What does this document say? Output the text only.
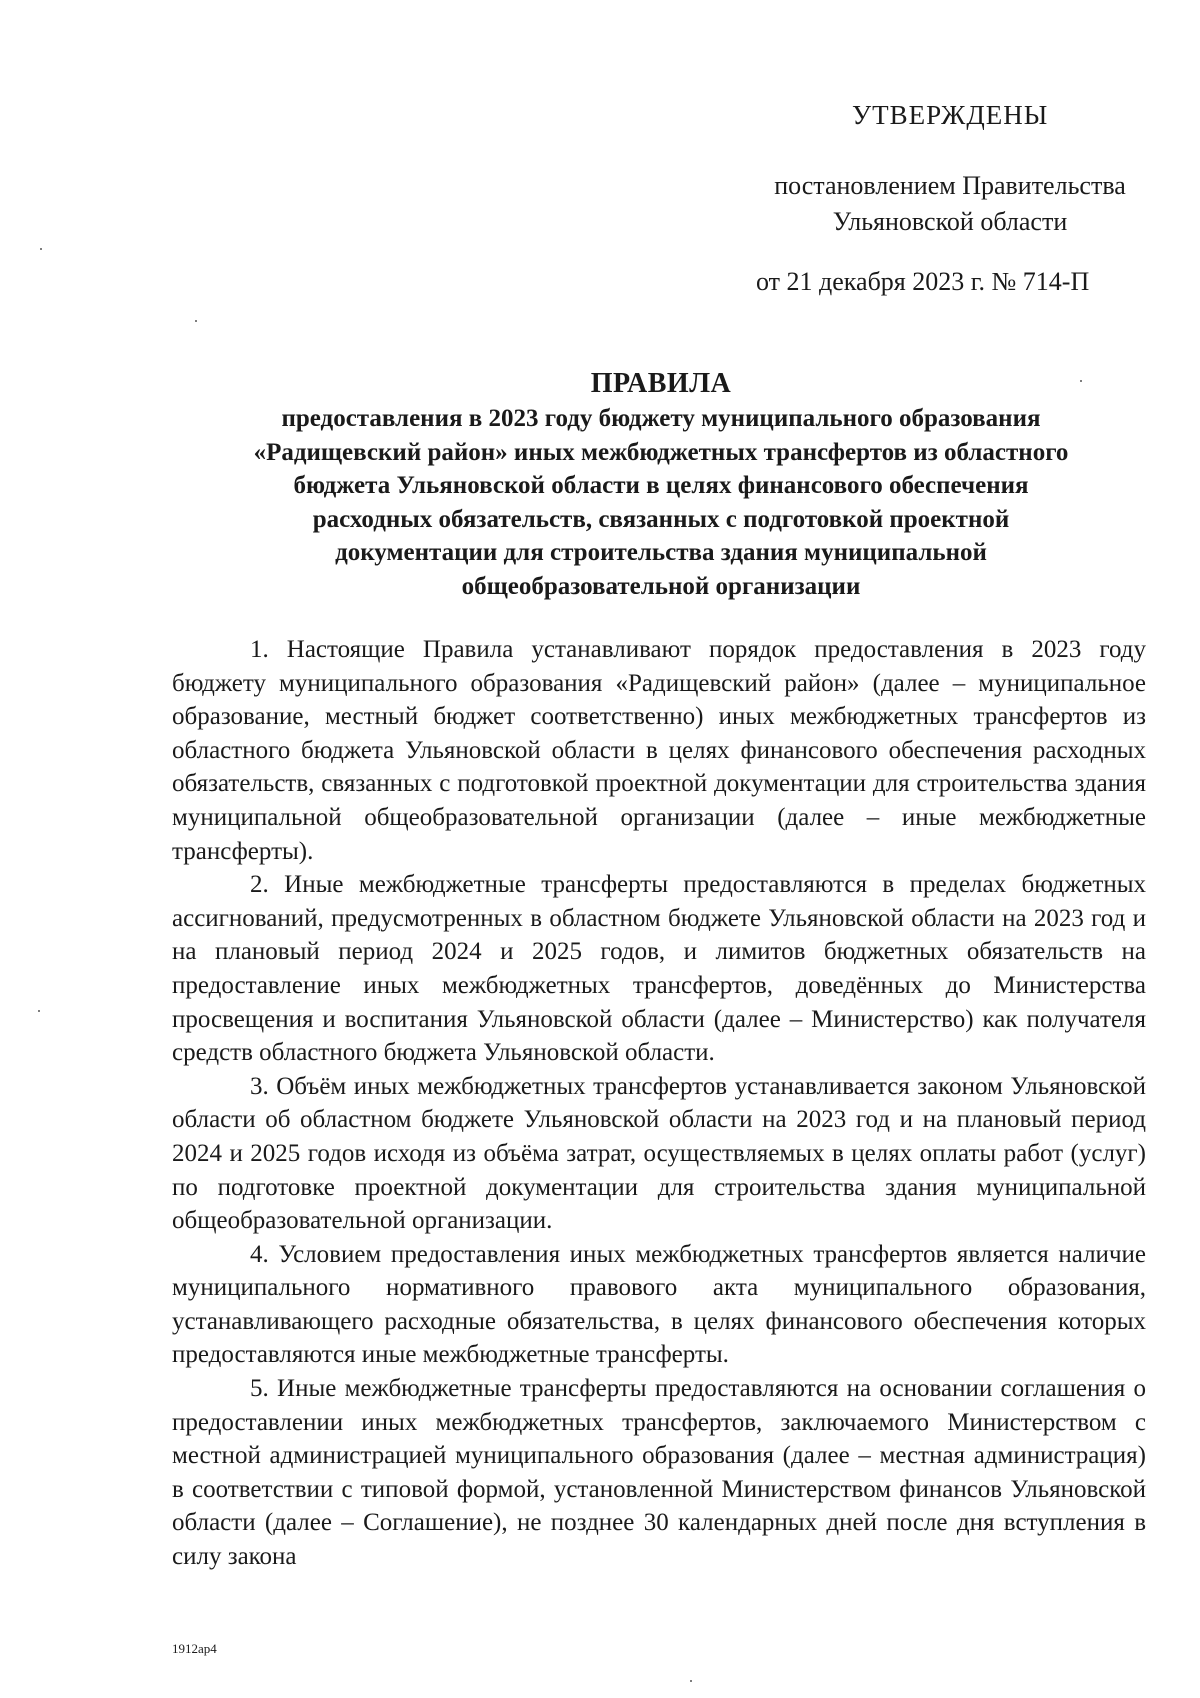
УТВЕРЖДЕНЫ
постановлением Правительства
Ульяновской области
от 21 декабря 2023 г. № 714-П
ПРАВИЛА
предоставления в 2023 году бюджету муниципального образования
«Радищевский район» иных межбюджетных трансфертов из областного
бюджета Ульяновской области в целях финансового обеспечения
расходных обязательств, связанных с подготовкой проектной
документации для строительства здания муниципальной
общеобразовательной организации

1. Настоящие Правила устанавливают порядок предоставления в 2023 году бюджету муниципального образования «Радищевский район» (далее – муниципальное образование, местный бюджет соответственно) иных межбюджетных трансфертов из областного бюджета Ульяновской области в целях финансового обеспечения расходных обязательств, связанных с подготовкой проектной документации для строительства здания муниципальной общеобразовательной организации (далее – иные межбюджетные трансферты).

2. Иные межбюджетные трансферты предоставляются в пределах бюджетных ассигнований, предусмотренных в областном бюджете Ульяновской области на 2023 год и на плановый период 2024 и 2025 годов, и лимитов бюджетных обязательств на предоставление иных межбюджетных трансфертов, доведённых до Министерства просвещения и воспитания Ульяновской области (далее – Министерство) как получателя средств областного бюджета Ульяновской области.

3. Объём иных межбюджетных трансфертов устанавливается законом Ульяновской области об областном бюджете Ульяновской области на 2023 год и на плановый период 2024 и 2025 годов исходя из объёма затрат, осуществляемых в целях оплаты работ (услуг) по подготовке проектной документации для строительства здания муниципальной общеобразовательной организации.

4. Условием предоставления иных межбюджетных трансфертов является наличие муниципального нормативного правового акта муниципального образования, устанавливающего расходные обязательства, в целях финансового обеспечения которых предоставляются иные межбюджетные трансферты.

5. Иные межбюджетные трансферты предоставляются на основании соглашения о предоставлении иных межбюджетных трансфертов, заключаемого Министерством с местной администрацией муниципального образования (далее – местная администрация) в соответствии с типовой формой, установленной Министерством финансов Ульяновской области (далее – Соглашение), не позднее 30 календарных дней после дня вступления в силу закона

1912ap4
